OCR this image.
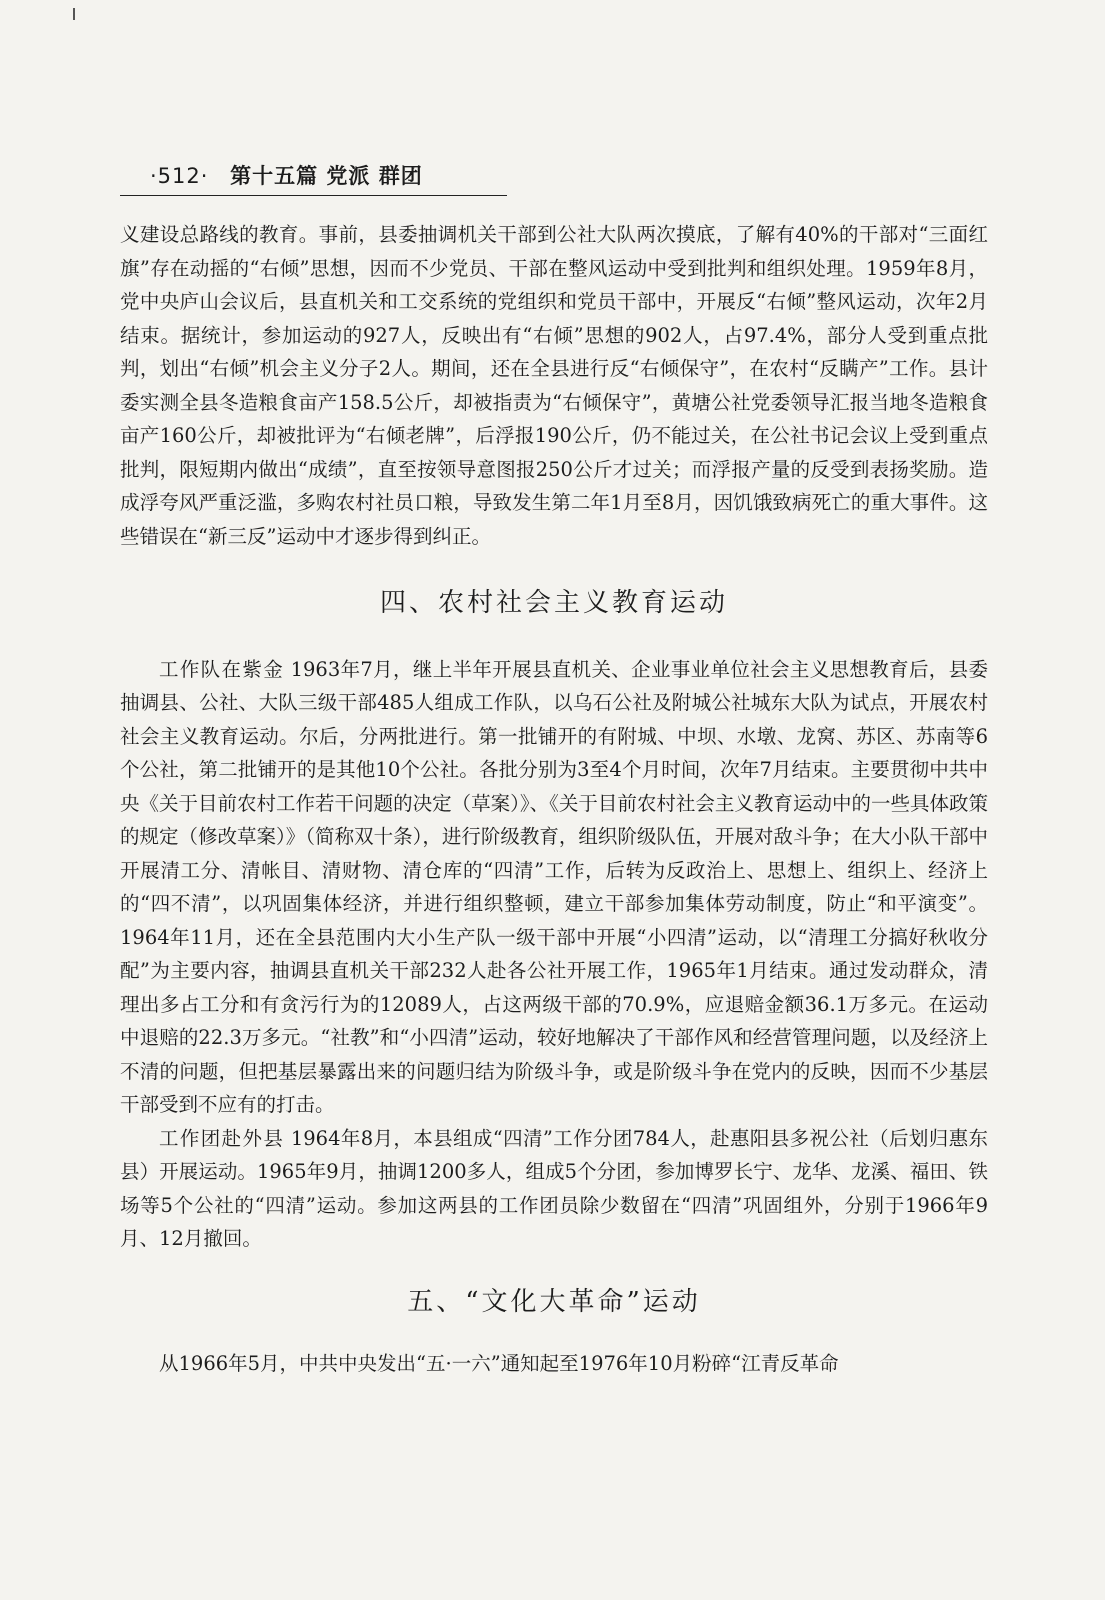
·512· 第十五篇 党派 群团

义建设总路线的教育。事前，县委抽调机关干部到公社大队两次摸底，了解有40%的干部对“三面红旗”存在动摇的“右倾”思想，因而不少党员、干部在整风运动中受到批判和组织处理。1959年8月，党中央庐山会议后，县直机关和工交系统的党组织和党员干部中，开展反“右倾”整风运动，次年2月结束。据统计，参加运动的927人，反映出有“右倾”思想的902人，占97.4%，部分人受到重点批判，划出“右倾”机会主义分子2人。期间，还在全县进行反“右倾保守”，在农村“反瞒产”工作。县计委实测全县冬造粮食亩产158.5公斤，却被指责为“右倾保守”，黄塘公社党委领导汇报当地冬造粮食亩产160公斤，却被批评为“右倾老牌”，后浮报190公斤，仍不能过关，在公社书记会议上受到重点批判，限短期内做出“成绩”，直至按领导意图报250公斤才过关；而浮报产量的反受到表扬奖励。造成浮夸风严重泛滥，多购农村社员口粮，导致发生第二年1月至8月，因饥饿致病死亡的重大事件。这些错误在“新三反”运动中才逐步得到纠正。

四、农村社会主义教育运动

工作队在紫金 1963年7月，继上半年开展县直机关、企业事业单位社会主义思想教育后，县委抽调县、公社、大队三级干部485人组成工作队，以乌石公社及附城公社城东大队为试点，开展农村社会主义教育运动。尔后，分两批进行。第一批铺开的有附城、中坝、水墩、龙窝、苏区、苏南等6个公社，第二批铺开的是其他10个公社。各批分别为3至4个月时间，次年7月结束。主要贯彻中共中央《关于目前农村工作若干问题的决定（草案）》、《关于目前农村社会主义教育运动中的一些具体政策的规定（修改草案）》（简称双十条），进行阶级教育，组织阶级队伍，开展对敌斗争；在大小队干部中开展清工分、清帐目、清财物、清仓库的“四清”工作，后转为反政治上、思想上、组织上、经济上的“四不清”，以巩固集体经济，并进行组织整顿，建立干部参加集体劳动制度，防止“和平演变”。1964年11月，还在全县范围内大小生产队一级干部中开展“小四清”运动，以“清理工分搞好秋收分配”为主要内容，抽调县直机关干部232人赴各公社开展工作，1965年1月结束。通过发动群众，清理出多占工分和有贪污行为的12089人，占这两级干部的70.9%，应退赔金额36.1万多元。在运动中退赔的22.3万多元。“社教”和“小四清”运动，较好地解决了干部作风和经营管理问题，以及经济上不清的问题，但把基层暴露出来的问题归结为阶级斗争，或是阶级斗争在党内的反映，因而不少基层干部受到不应有的打击。

工作团赴外县 1964年8月，本县组成“四清”工作分团784人，赴惠阳县多祝公社（后划归惠东县）开展运动。1965年9月，抽调1200多人，组成5个分团，参加博罗长宁、龙华、龙溪、福田、铁场等5个公社的“四清”运动。参加这两县的工作团员除少数留在“四清”巩固组外，分别于1966年9月、12月撤回。

五、“文化大革命”运动

从1966年5月，中共中央发出“五·一六”通知起至1976年10月粉碎“江青反革命
